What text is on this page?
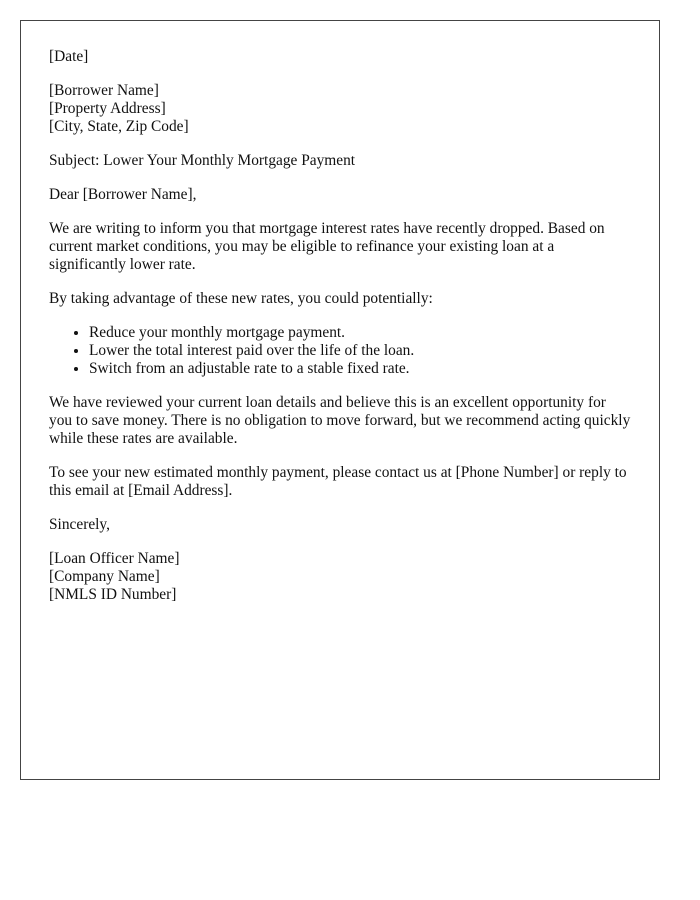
[Date]
[Borrower Name]
[Property Address]
[City, State, Zip Code]

Subject: Lower Your Monthly Mortgage Payment

Dear [Borrower Name],

We are writing to inform you that mortgage interest rates have recently dropped. Based on current market conditions, you may be eligible to refinance your existing loan at a significantly lower rate.

By taking advantage of these new rates, you could potentially:

• Reduce your monthly mortgage payment.
• Lower the total interest paid over the life of the loan.
• Switch from an adjustable rate to a stable fixed rate.

We have reviewed your current loan details and believe this is an excellent opportunity for you to save money. There is no obligation to move forward, but we recommend acting quickly while these rates are available.

To see your new estimated monthly payment, please contact us at [Phone Number] or reply to this email at [Email Address].

Sincerely,

[Loan Officer Name]
[Company Name]
[NMLS ID Number]
